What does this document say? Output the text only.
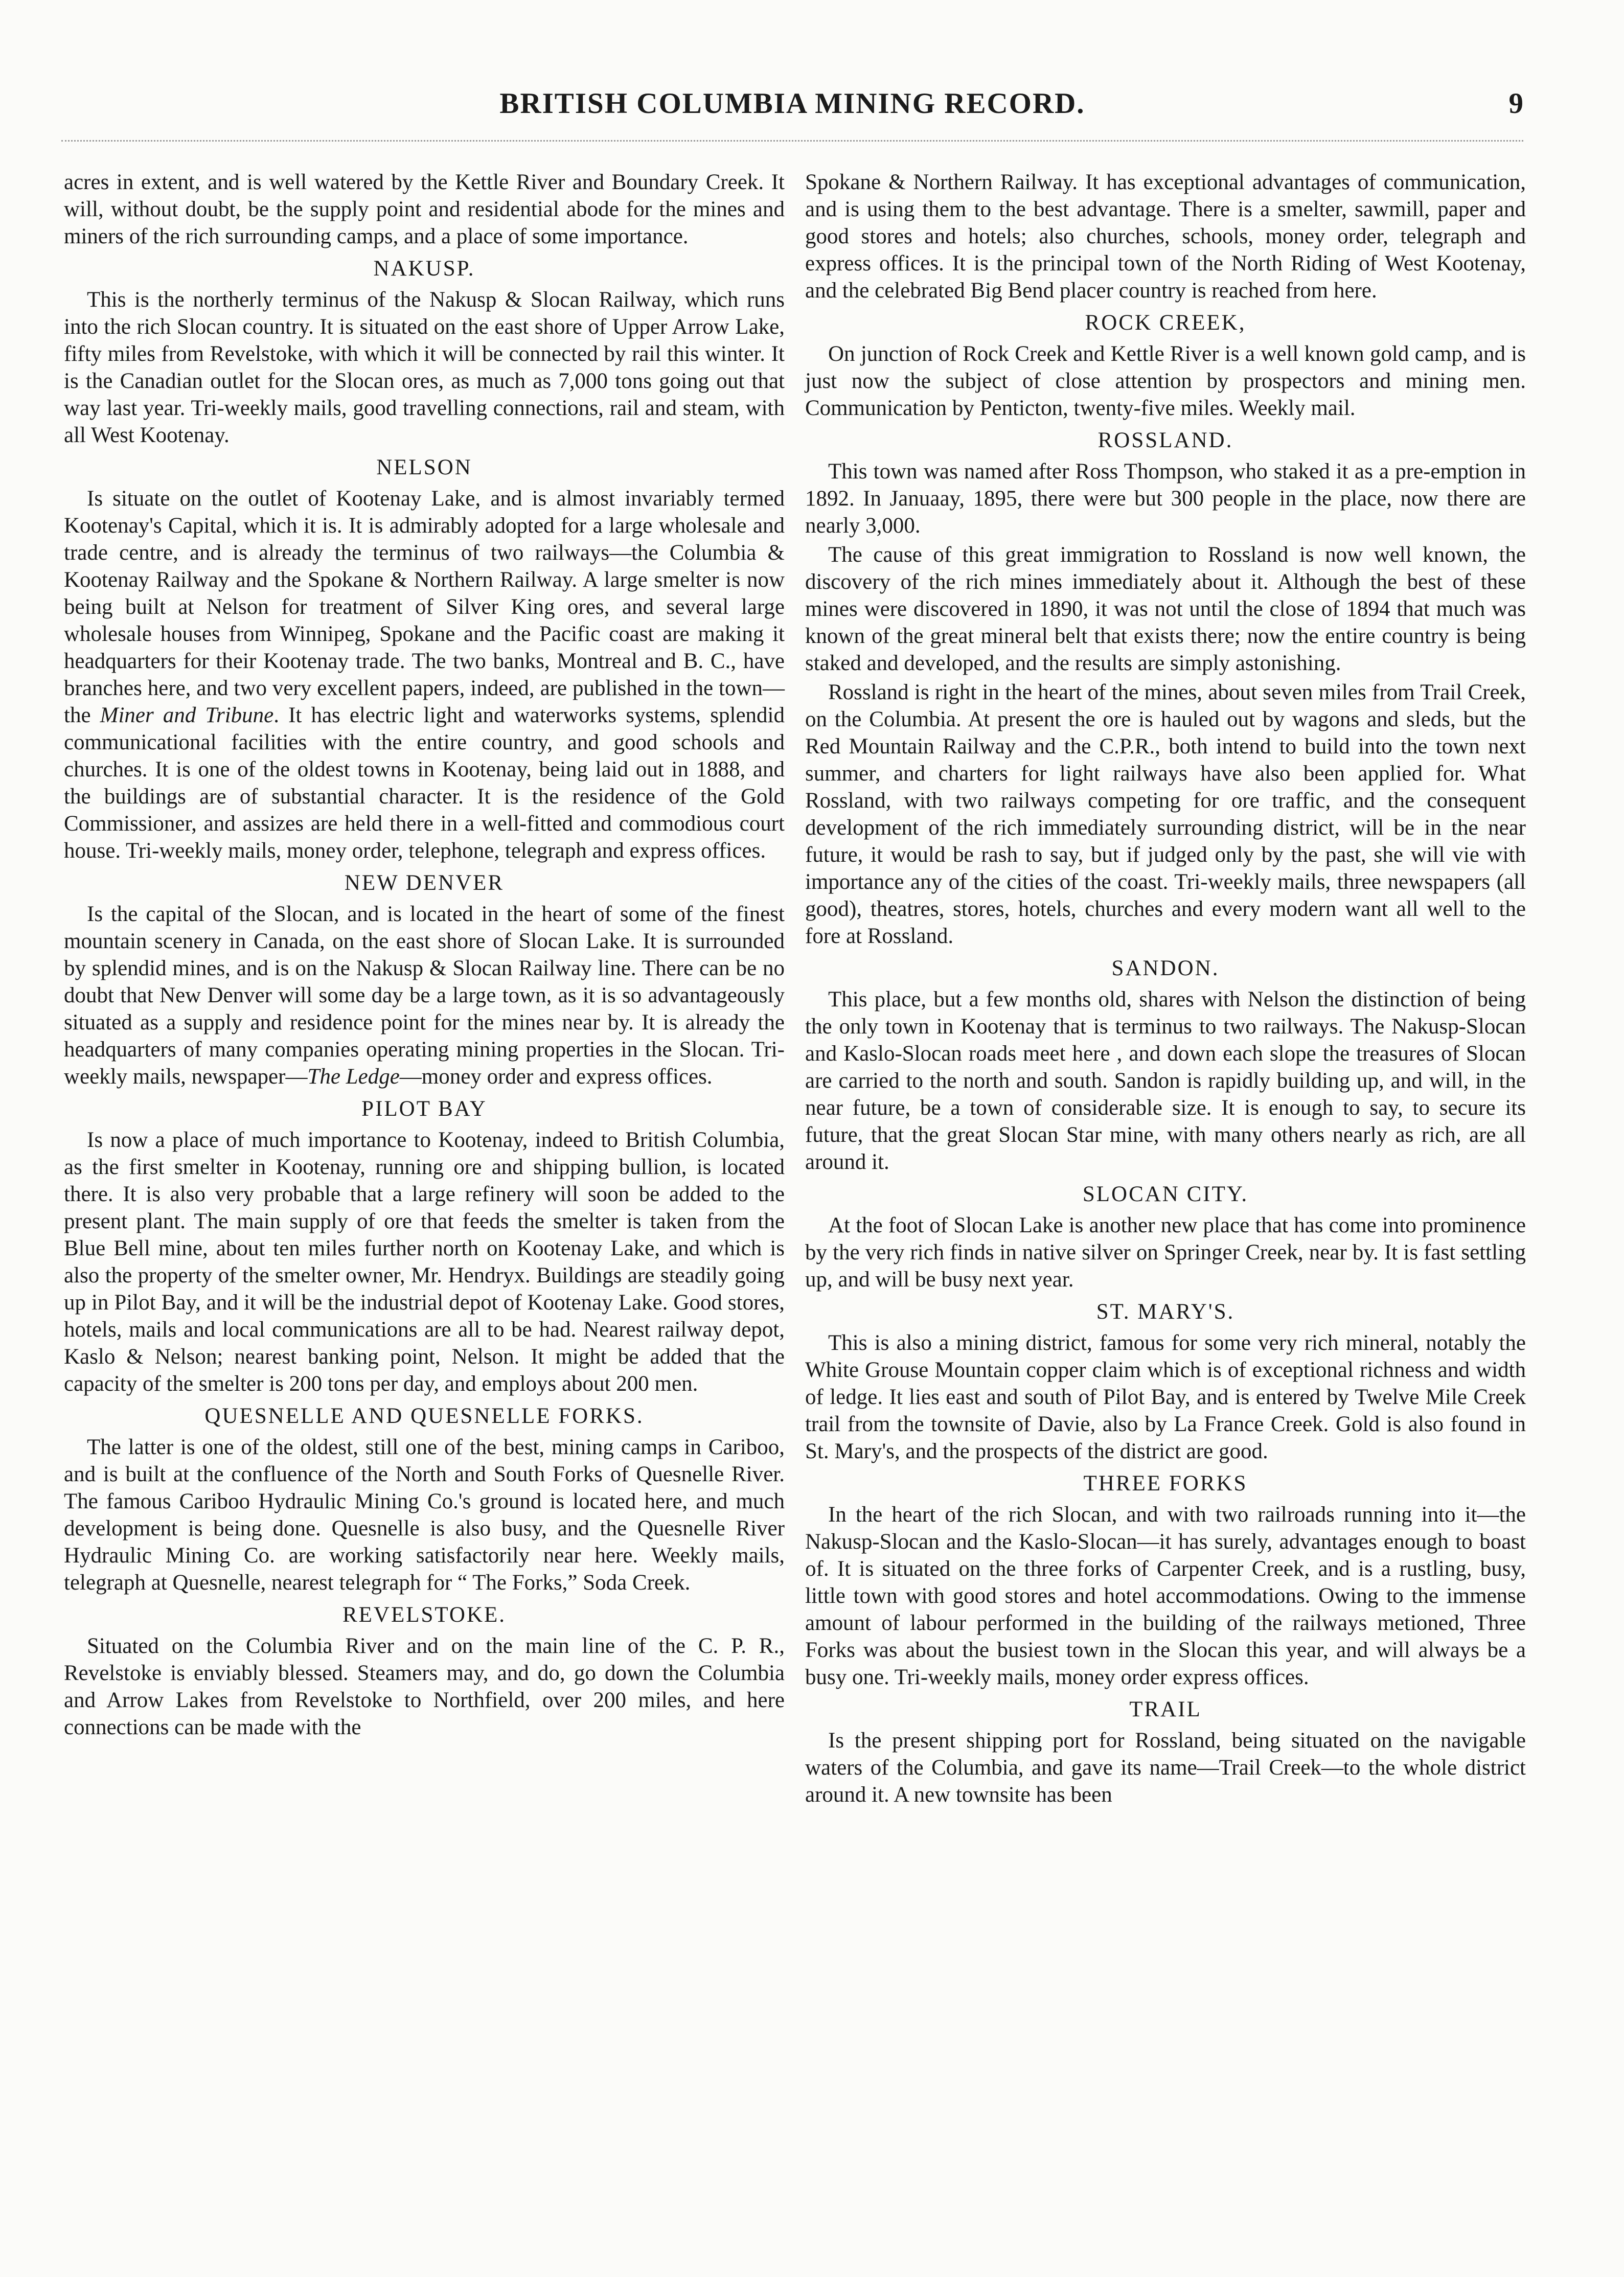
BRITISH COLUMBIA MINING RECORD.	9

acres in extent, and is well watered by the Kettle River and Boundary Creek. It will, without doubt, be the supply point and residential abode for the mines and miners of the rich surrounding camps, and a place of some importance.

NAKUSP.

This is the northerly terminus of the Nakusp & Slocan Railway, which runs into the rich Slocan country. It is situated on the east shore of Upper Arrow Lake, fifty miles from Revelstoke, with which it will be connected by rail this winter. It is the Canadian outlet for the Slocan ores, as much as 7,000 tons going out that way last year. Tri-weekly mails, good travelling connections, rail and steam, with all West Kootenay.

NELSON

Is situate on the outlet of Kootenay Lake, and is almost invariably termed Kootenay's Capital, which it is. It is admirably adopted for a large wholesale and trade centre, and is already the terminus of two railways—the Columbia & Kootenay Railway and the Spokane & Northern Railway. A large smelter is now being built at Nelson for treatment of Silver King ores, and several large wholesale houses from Winnipeg, Spokane and the Pacific coast are making it headquarters for their Kootenay trade. The two banks, Montreal and B. C., have branches here, and two very excellent papers, indeed, are published in the town—the Miner and Tribune. It has electric light and waterworks systems, splendid communicational facilities with the entire country, and good schools and churches. It is one of the oldest towns in Kootenay, being laid out in 1888, and the buildings are of substantial character. It is the residence of the Gold Commissioner, and assizes are held there in a well-fitted and commodious court house. Tri-weekly mails, money order, telephone, telegraph and express offices.

NEW DENVER

Is the capital of the Slocan, and is located in the heart of some of the finest mountain scenery in Canada, on the east shore of Slocan Lake. It is surrounded by splendid mines, and is on the Nakusp & Slocan Railway line. There can be no doubt that New Denver will some day be a large town, as it is so advantageously situated as a supply and residence point for the mines near by. It is already the headquarters of many companies operating mining properties in the Slocan. Tri-weekly mails, newspaper—The Ledge—money order and express offices.

PILOT BAY

Is now a place of much importance to Kootenay, indeed to British Columbia, as the first smelter in Kootenay, running ore and shipping bullion, is located there. It is also very probable that a large refinery will soon be added to the present plant. The main supply of ore that feeds the smelter is taken from the Blue Bell mine, about ten miles further north on Kootenay Lake, and which is also the property of the smelter owner, Mr. Hendryx. Buildings are steadily going up in Pilot Bay, and it will be the industrial depot of Kootenay Lake. Good stores, hotels, mails and local communications are all to be had. Nearest railway depot, Kaslo & Nelson; nearest banking point, Nelson. It might be added that the capacity of the smelter is 200 tons per day, and employs about 200 men.

QUESNELLE AND QUESNELLE FORKS.

The latter is one of the oldest, still one of the best, mining camps in Cariboo, and is built at the confluence of the North and South Forks of Quesnelle River. The famous Cariboo Hydraulic Mining Co.'s ground is located here, and much development is being done. Quesnelle is also busy, and the Quesnelle River Hydraulic Mining Co. are working satisfactorily near here. Weekly mails, telegraph at Quesnelle, nearest telegraph for “ The Forks,” Soda Creek.

REVELSTOKE.

Situated on the Columbia River and on the main line of the C. P. R., Revelstoke is enviably blessed. Steamers may, and do, go down the Columbia and Arrow Lakes from Revelstoke to Northfield, over 200 miles, and here connections can be made with the

Spokane & Northern Railway. It has exceptional advantages of communication, and is using them to the best advantage. There is a smelter, sawmill, paper and good stores and hotels; also churches, schools, money order, telegraph and express offices. It is the principal town of the North Riding of West Kootenay, and the celebrated Big Bend placer country is reached from here.

ROCK CREEK,

On junction of Rock Creek and Kettle River is a well known gold camp, and is just now the subject of close attention by prospectors and mining men. Communication by Penticton, twenty-five miles. Weekly mail.

ROSSLAND.

This town was named after Ross Thompson, who staked it as a pre-emption in 1892. In Januaay, 1895, there were but 300 people in the place, now there are nearly 3,000.

The cause of this great immigration to Rossland is now well known, the discovery of the rich mines immediately about it. Although the best of these mines were discovered in 1890, it was not until the close of 1894 that much was known of the great mineral belt that exists there; now the entire country is being staked and developed, and the results are simply astonishing.

Rossland is right in the heart of the mines, about seven miles from Trail Creek, on the Columbia. At present the ore is hauled out by wagons and sleds, but the Red Mountain Railway and the C.P.R., both intend to build into the town next summer, and charters for light railways have also been applied for. What Rossland, with two railways competing for ore traffic, and the consequent development of the rich immediately surrounding district, will be in the near future, it would be rash to say, but if judged only by the past, she will vie with importance any of the cities of the coast. Tri-weekly mails, three newspapers (all good), theatres, stores, hotels, churches and every modern want all well to the fore at Rossland.

SANDON.

This place, but a few months old, shares with Nelson the distinction of being the only town in Kootenay that is terminus to two railways. The Nakusp-Slocan and Kaslo-Slocan roads meet here , and down each slope the treasures of Slocan are carried to the north and south. Sandon is rapidly building up, and will, in the near future, be a town of considerable size. It is enough to say, to secure its future, that the great Slocan Star mine, with many others nearly as rich, are all around it.

SLOCAN CITY.

At the foot of Slocan Lake is another new place that has come into prominence by the very rich finds in native silver on Springer Creek, near by. It is fast settling up, and will be busy next year.

ST. MARY'S.

This is also a mining district, famous for some very rich mineral, notably the White Grouse Mountain copper claim which is of exceptional richness and width of ledge. It lies east and south of Pilot Bay, and is entered by Twelve Mile Creek trail from the townsite of Davie, also by La France Creek. Gold is also found in St. Mary's, and the prospects of the district are good.

THREE FORKS

In the heart of the rich Slocan, and with two railroads running into it—the Nakusp-Slocan and the Kaslo-Slocan—it has surely, advantages enough to boast of. It is situated on the three forks of Carpenter Creek, and is a rustling, busy, little town with good stores and hotel accommodations. Owing to the immense amount of labour performed in the building of the railways metioned, Three Forks was about the busiest town in the Slocan this year, and will always be a busy one. Tri-weekly mails, money order express offices.

TRAIL

Is the present shipping port for Rossland, being situated on the navigable waters of the Columbia, and gave its name—Trail Creek—to the whole district around it. A new townsite has been
